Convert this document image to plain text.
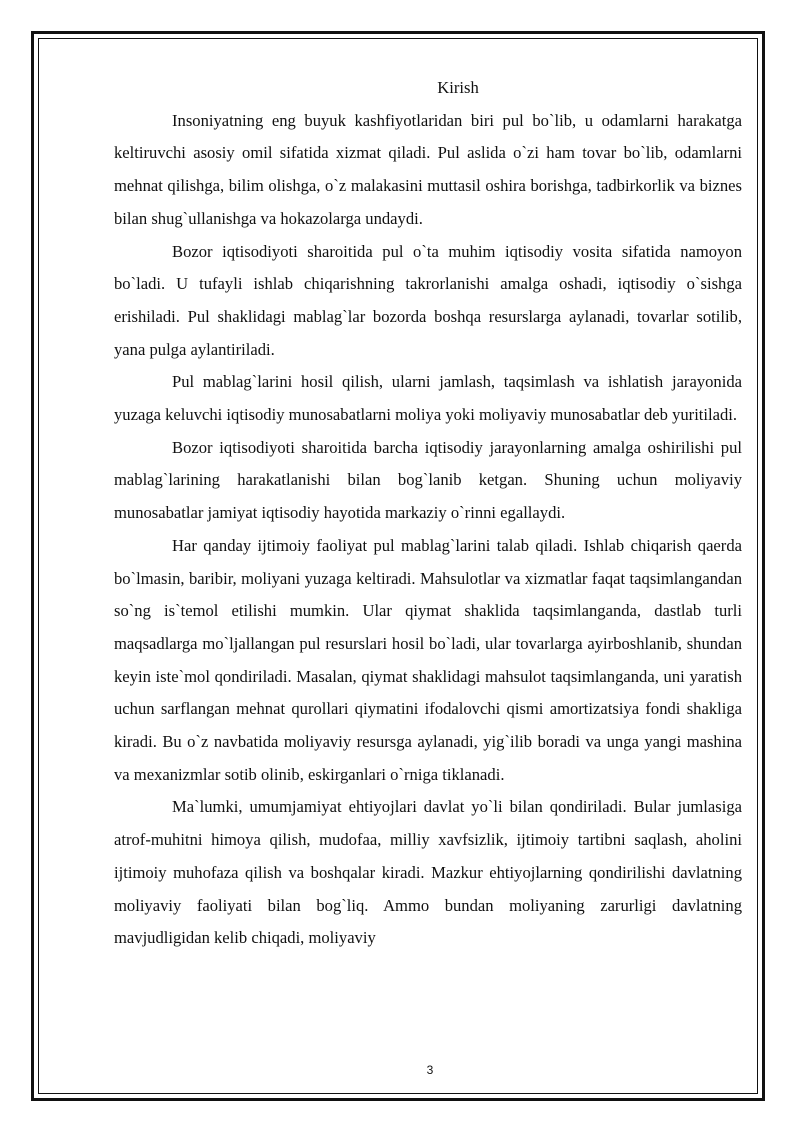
Kirish

Insoniyatning eng buyuk kashfiyotlaridan biri pul bo`lib, u odamlarni harakatga keltiruvchi asosiy omil sifatida xizmat qiladi. Pul aslida o`zi ham tovar bo`lib, odamlarni mehnat qilishga, bilim olishga, o`z malakasini muttasil oshira borishga, tadbirkorlik va biznes bilan shug`ullanishga va hokazolarga undaydi.

Bozor iqtisodiyoti sharoitida pul o`ta muhim iqtisodiy vosita sifatida namoyon bo`ladi. U tufayli ishlab chiqarishning takrorlanishi amalga oshadi, iqtisodiy o`sishga erishiladi. Pul shaklidagi mablag`lar bozorda boshqa resurslarga aylanadi, tovarlar sotilib, yana pulga aylantiriladi.

Pul mablag`larini hosil qilish, ularni jamlash, taqsimlash va ishlatish jarayonida yuzaga keluvchi iqtisodiy munosabatlarni moliya yoki moliyaviy munosabatlar deb yuritiladi.

Bozor iqtisodiyoti sharoitida barcha iqtisodiy jarayonlarning amalga oshirilishi pul mablag`larining harakatlanishi bilan bog`lanib ketgan. Shuning uchun moliyaviy munosabatlar jamiyat iqtisodiy hayotida markaziy o`rinni egallaydi.

Har qanday ijtimoiy faoliyat pul mablag`larini talab qiladi. Ishlab chiqarish qaerda bo`lmasin, baribir, moliyani yuzaga keltiradi. Mahsulotlar va xizmatlar faqat taqsimlangandan so`ng is`temol etilishi mumkin. Ular qiymat shaklida taqsimlanganda, dastlab turli maqsadlarga mo`ljallangan pul resurslari hosil bo`ladi, ular tovarlarga ayirboshlanib, shundan keyin iste`mol qondiriladi. Masalan, qiymat shaklidagi mahsulot taqsimlanganda, uni yaratish uchun sarflangan mehnat qurollari qiymatini ifodalovchi qismi amortizatsiya fondi shakliga kiradi. Bu o`z navbatida moliyaviy resursga aylanadi, yig`ilib boradi va unga yangi mashina va mexanizmlar sotib olinib, eskirganlari o`rniga tiklanadi.

Ma`lumki, umumjamiyat ehtiyojlari davlat yo`li bilan qondiriladi. Bular jumlasiga atrof-muhitni himoya qilish, mudofaa, milliy xavfsizlik, ijtimoiy tartibni saqlash, aholini ijtimoiy muhofaza qilish va boshqalar kiradi. Mazkur ehtiyojlarning qondirilishi davlatning moliyaviy faoliyati bilan bog`liq. Ammo bundan moliyaning zarurligi davlatning mavjudligidan kelib chiqadi, moliyaviy

3
